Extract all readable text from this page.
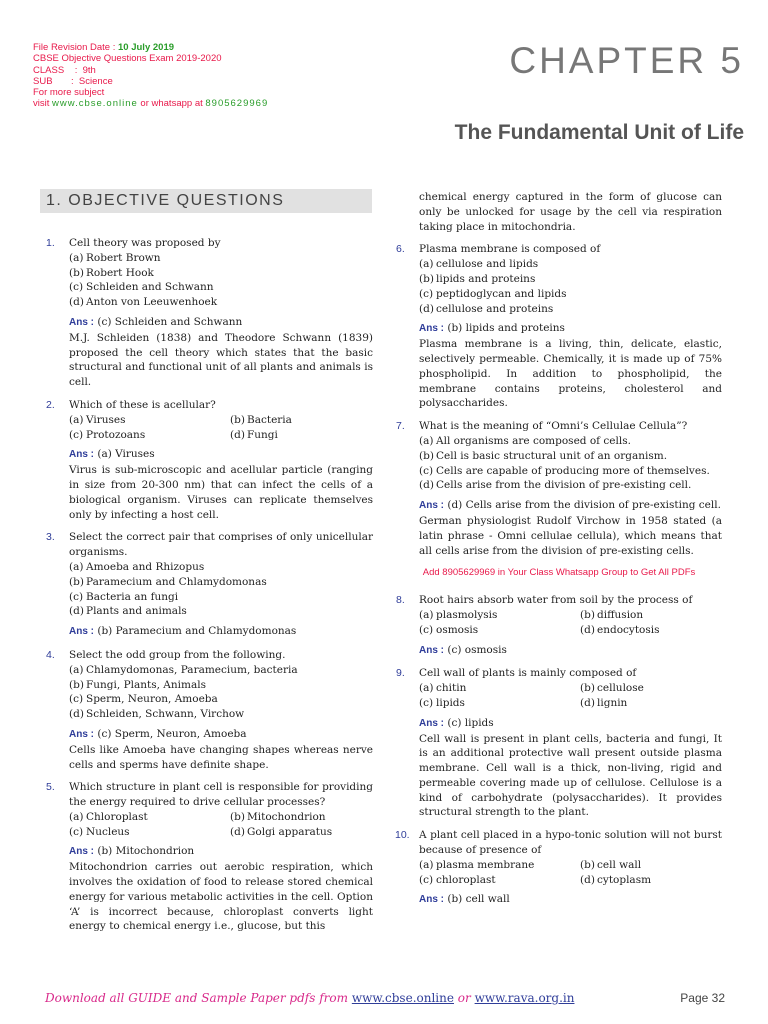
File Revision Date : 10 July 2019
CBSE Objective Questions Exam 2019-2020
CLASS    :  9th
SUB       :  Science
For more subject
visit www.cbse.online or whatsapp at 8905629969
CHAPTER 5
The Fundamental Unit of Life
1. OBJECTIVE QUESTIONS
1. Cell theory was proposed by
(a) Robert Brown
(b) Robert Hook
(c) Schleiden and Schwann
(d) Anton von Leeuwenhoek
Ans : (c) Schleiden and Schwann
M.J. Schleiden (1838) and Theodore Schwann (1839) proposed the cell theory which states that the basic structural and functional unit of all plants and animals is cell.
2. Which of these is acellular?
(a) Viruses	(b) Bacteria
(c) Protozoans	(d) Fungi
Ans : (a) Viruses
Virus is sub-microscopic and acellular particle (ranging in size from 20-300 nm) that can infect the cells of a biological organism. Viruses can replicate themselves only by infecting a host cell.
3. Select the correct pair that comprises of only unicellular organisms.
(a) Amoeba and Rhizopus
(b) Paramecium and Chlamydomonas
(c) Bacteria an fungi
(d) Plants and animals
Ans : (b) Paramecium and Chlamydomonas
4. Select the odd group from the following.
(a) Chlamydomonas, Paramecium, bacteria
(b) Fungi, Plants, Animals
(c) Sperm, Neuron, Amoeba
(d) Schleiden, Schwann, Virchow
Ans : (c) Sperm, Neuron, Amoeba
Cells like Amoeba have changing shapes whereas nerve cells and sperms have definite shape.
5. Which structure in plant cell is responsible for providing the energy required to drive cellular processes?
(a) Chloroplast	(b) Mitochondrion
(c) Nucleus	(d) Golgi apparatus
Ans : (b) Mitochondrion
Mitochondrion carries out aerobic respiration, which involves the oxidation of food to release stored chemical energy for various metabolic activities in the cell. Option ‘A’ is incorrect because, chloroplast converts light energy to chemical energy i.e., glucose, but this
chemical energy captured in the form of glucose can only be unlocked for usage by the cell via respiration taking place in mitochondria.
6. Plasma membrane is composed of
(a) cellulose and lipids
(b) lipids and proteins
(c) peptidoglycan and lipids
(d) cellulose and proteins
Ans : (b) lipids and proteins
Plasma membrane is a living, thin, delicate, elastic, selectively permeable. Chemically, it is made up of 75% phospholipid. In addition to phospholipid, the membrane contains proteins, cholesterol and polysaccharides.
7. What is the meaning of “Omni’s Cellulae Cellula”?
(a) All organisms are composed of cells.
(b) Cell is basic structural unit of an organism.
(c) Cells are capable of producing more of themselves.
(d) Cells arise from the division of pre-existing cell.
Ans : (d) Cells arise from the division of pre-existing cell.
German physiologist Rudolf Virchow in 1958 stated (a latin phrase - Omni cellulae cellula), which means that all cells arise from the division of pre-existing cells.
Add 8905629969 in Your Class Whatsapp Group to Get All PDFs
8. Root hairs absorb water from soil by the process of
(a) plasmolysis	(b) diffusion
(c) osmosis	(d) endocytosis
Ans : (c) osmosis
9. Cell wall of plants is mainly composed of
(a) chitin	(b) cellulose
(c) lipids	(d) lignin
Ans : (c) lipids
Cell wall is present in plant cells, bacteria and fungi, It is an additional protective wall present outside plasma membrane. Cell wall is a thick, non-living, rigid and permeable covering made up of cellulose. Cellulose is a kind of carbohydrate (polysaccharides). It provides structural strength to the plant.
10. A plant cell placed in a hypo-tonic solution will not burst because of presence of
(a) plasma membrane	(b) cell wall
(c) chloroplast	(d) cytoplasm
Ans : (b) cell wall
Download all GUIDE and Sample Paper pdfs from www.cbse.online or www.rava.org.in	Page 32
